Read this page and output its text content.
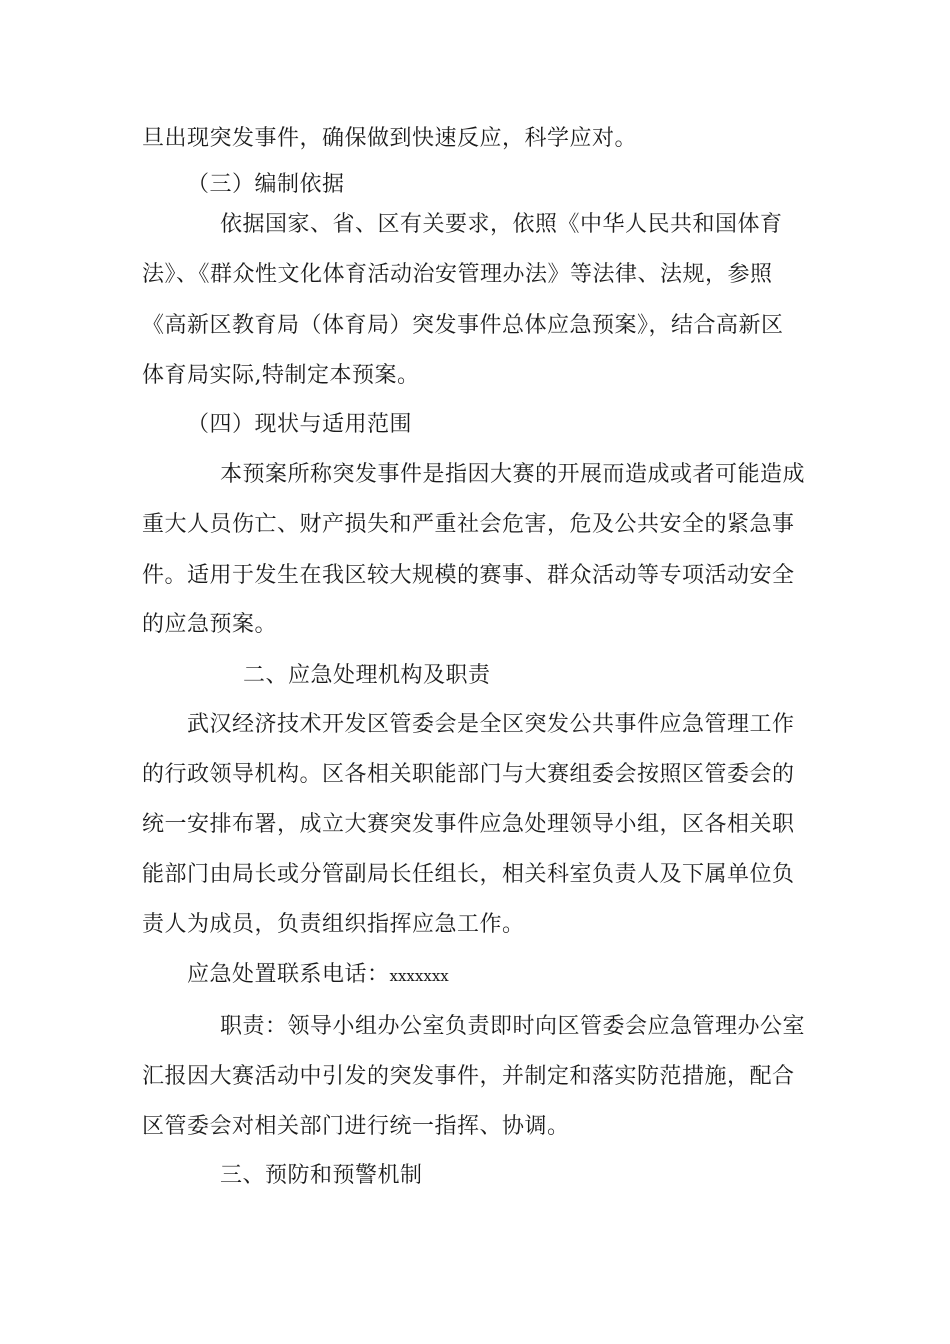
旦出现突发事件，确保做到快速反应，科学应对。
（三）编制依据
依据国家、省、区有关要求，依照《中华人民共和国体育
法》、《群众性文化体育活动治安管理办法》等法律、法规，参照
《高新区教育局（体育局）突发事件总体应急预案》，结合高新区
体育局实际,特制定本预案。
（四）现状与适用范围
本预案所称突发事件是指因大赛的开展而造成或者可能造成
重大人员伤亡、财产损失和严重社会危害，危及公共安全的紧急事
件。适用于发生在我区较大规模的赛事、群众活动等专项活动安全
的应急预案。
二、应急处理机构及职责
武汉经济技术开发区管委会是全区突发公共事件应急管理工作
的行政领导机构。区各相关职能部门与大赛组委会按照区管委会的
统一安排布署，成立大赛突发事件应急处理领导小组，区各相关职
能部门由局长或分管副局长任组长，相关科室负责人及下属单位负
责人为成员，负责组织指挥应急工作。
应急处置联系电话：xxxxxxx
职责：领导小组办公室负责即时向区管委会应急管理办公室
汇报因大赛活动中引发的突发事件，并制定和落实防范措施，配合
区管委会对相关部门进行统一指挥、协调。
三、预防和预警机制
